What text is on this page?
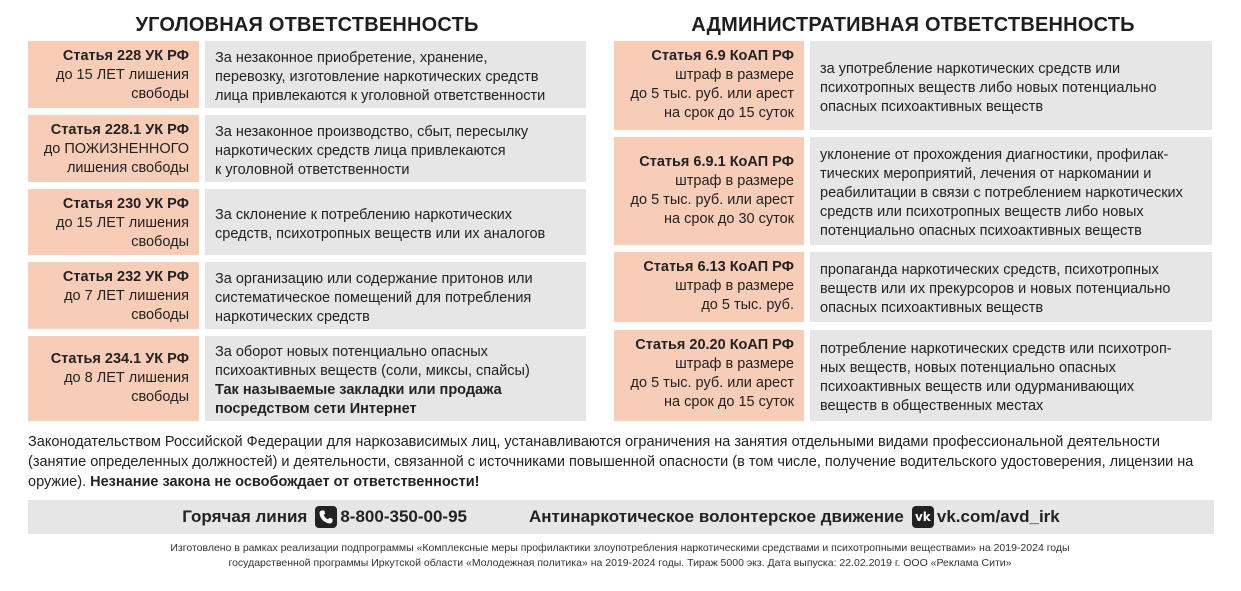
УГОЛОВНАЯ ОТВЕТСТВЕННОСТЬ	АДМИНИСТРАТИВНАЯ ОТВЕТСТВЕННОСТЬ
Статья 228 УК РФ
до 15 ЛЕТ лишения
свободы
За незаконное приобретение, хранение,
перевозку, изготовление наркотических средств
лица привлекаются к уголовной ответственности
Статья 228.1 УК РФ
до ПОЖИЗНЕННОГО
лишения свободы
За незаконное производство, сбыт, пересылку
наркотических средств лица привлекаются
к уголовной ответственности
Статья 230 УК РФ
до 15 ЛЕТ лишения
свободы
За склонение к потреблению наркотических
средств, психотропных веществ или их аналогов
Статья 232 УК РФ
до 7 ЛЕТ лишения
свободы
За организацию или содержание притонов или
систематическое помещений для потребления
наркотических средств
Статья 234.1 УК РФ
до 8 ЛЕТ лишения
свободы
За оборот новых потенциально опасных
психоактивных веществ (соли, миксы, спайсы)
Так называемые закладки или продажа
посредством сети Интернет
Статья 6.9 КоАП РФ
штраф в размере
до 5 тыс. руб. или арест
на срок до 15 суток
за употребление наркотических средств или
психотропных веществ либо новых потенциально
опасных психоактивных веществ
Статья 6.9.1 КоАП РФ
штраф в размере
до 5 тыс. руб. или арест
на срок до 30 суток
уклонение от прохождения диагностики, профилак-
тических мероприятий, лечения от наркомании и
реабилитации в связи с потреблением наркотических
средств или психотропных веществ либо новых
потенциально опасных психоактивных веществ
Статья 6.13 КоАП РФ
штраф в размере
до 5 тыс. руб.
пропаганда наркотических средств, психотропных
веществ или их прекурсоров и новых потенциально
опасных психоактивных веществ
Статья 20.20 КоАП РФ
штраф в размере
до 5 тыс. руб. или арест
на срок до 15 суток
потребление наркотических средств или психотроп-
ных веществ, новых потенциально опасных
психоактивных веществ или одурманивающих
веществ в общественных местах
Законодательством Российской Федерации для наркозависимых лиц, устанавливаются ограничения на занятия отдельными видами профессиональной деятельности (занятие определенных должностей) и деятельности, связанной с источниками повышенной опасности (в том числе, получение водительского удостоверения, лицензии на оружие). Незнание закона не освобождает от ответственности!
Горячая линия 8-800-350-00-95	Антинаркотическое волонтерское движение vk vk.com/avd_irk
Изготовлено в рамках реализации подпрограммы «Комплексные меры профилактики злоупотребления наркотическими средствами и психотропными веществами» на 2019-2024 годы
государственной программы Иркутской области «Молодежная политика» на 2019-2024 годы. Тираж 5000 экз. Дата выпуска: 22.02.2019 г. ООО «Реклама Сити»
